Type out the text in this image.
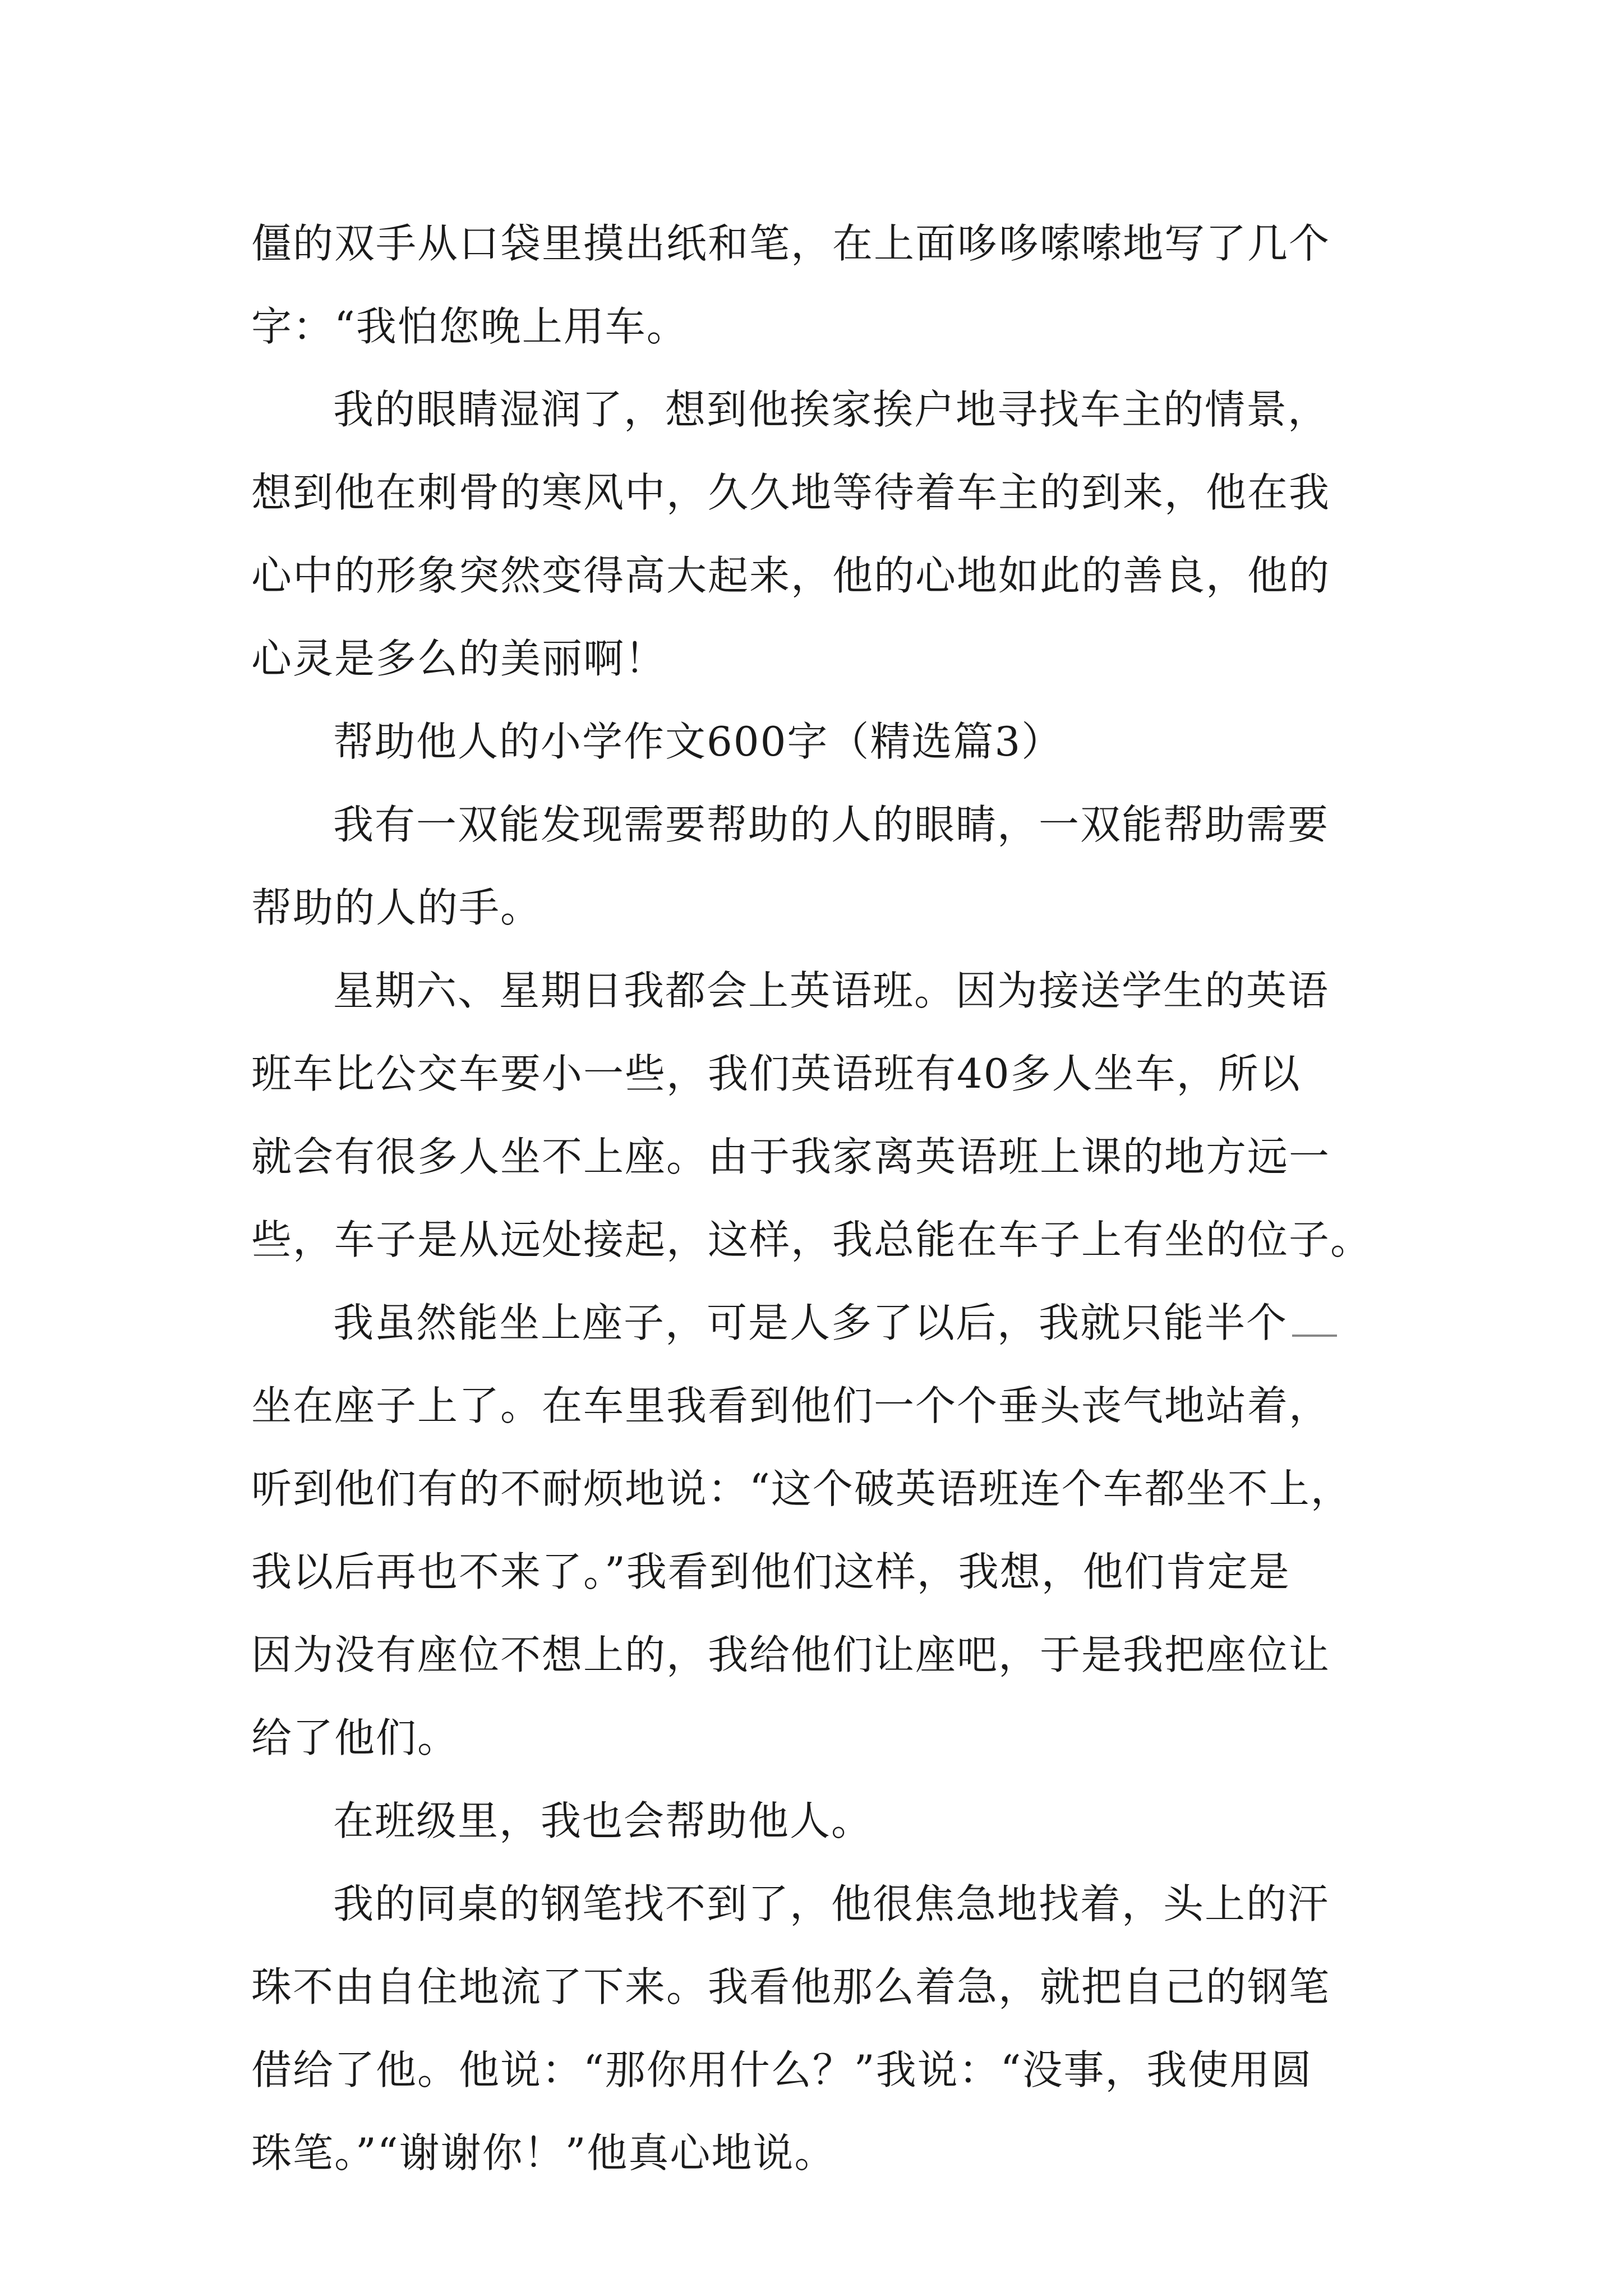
僵的双手从口袋里摸出纸和笔，在上面哆哆嗦嗦地写了几个
字：“我怕您晚上用车。
我的眼睛湿润了，想到他挨家挨户地寻找车主的情景，
想到他在刺骨的寒风中，久久地等待着车主的到来，他在我
心中的形象突然变得高大起来，他的心地如此的善良，他的
心灵是多么的美丽啊！
帮助他人的小学作文600字（精选篇3）
我有一双能发现需要帮助的人的眼睛，一双能帮助需要
帮助的人的手。
星期六、星期日我都会上英语班。因为接送学生的英语
班车比公交车要小一些，我们英语班有40多人坐车，所以
就会有很多人坐不上座。由于我家离英语班上课的地方远一
些，车子是从远处接起，这样，我总能在车子上有坐的位子。
我虽然能坐上座子，可是人多了以后，我就只能半个
坐在座子上了。在车里我看到他们一个个垂头丧气地站着，
听到他们有的不耐烦地说：“这个破英语班连个车都坐不上，
我以后再也不来了。”我看到他们这样，我想，他们肯定是
因为没有座位不想上的，我给他们让座吧，于是我把座位让
给了他们。
在班级里，我也会帮助他人。
我的同桌的钢笔找不到了，他很焦急地找着，头上的汗
珠不由自住地流了下来。我看他那么着急，就把自己的钢笔
借给了他。他说：“那你用什么？”我说：“没事，我使用圆
珠笔。”“谢谢你！”他真心地说。
